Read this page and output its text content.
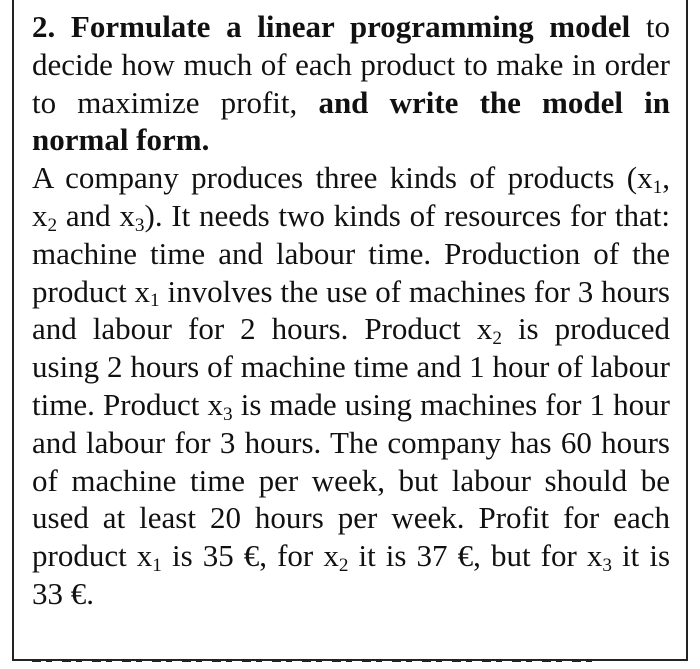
2. Formulate a linear programming model to decide how much of each product to make in order to maximize profit, and write the model in normal form.

A company produces three kinds of products ($x_1$, $x_2$ and $x_3$). It needs two kinds of resources for that: machine time and labour time. Production of the product $x_1$ involves the use of machines for 3 hours and labour for 2 hours. Product $x_2$ is produced using 2 hours of machine time and 1 hour of labour time. Product $x_3$ is made using machines for 1 hour and labour for 3 hours. The company has 60 hours of machine time per week, but labour should be used at least 20 hours per week. Profit for each product $x_1$ is 35 €, for $x_2$ it is 37 €, but for $x_3$ it is 33 €.
